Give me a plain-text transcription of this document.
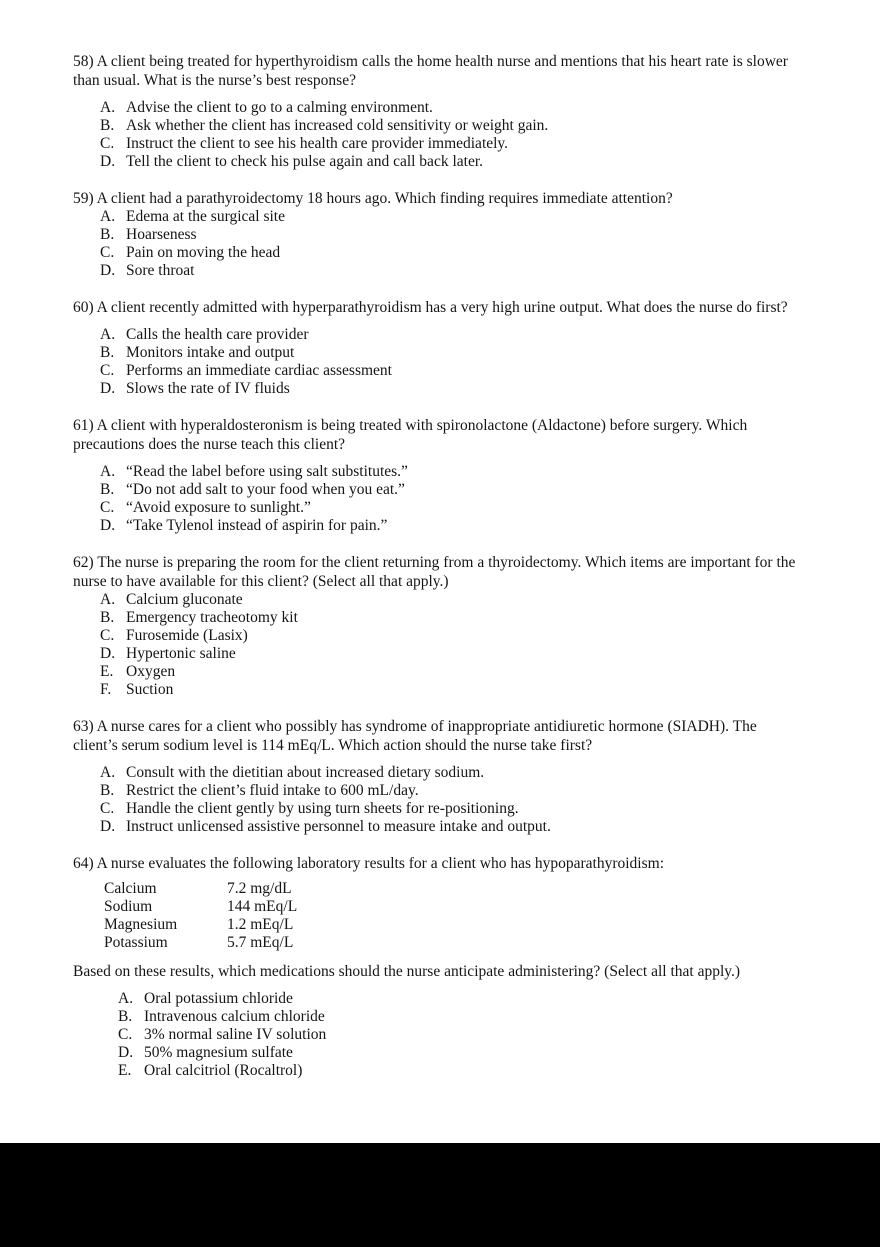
58) A client being treated for hyperthyroidism calls the home health nurse and mentions that his heart rate is slower
than usual. What is the nurse’s best response?
A. Advise the client to go to a calming environment.
B. Ask whether the client has increased cold sensitivity or weight gain.
C. Instruct the client to see his health care provider immediately.
D. Tell the client to check his pulse again and call back later.
59) A client had a parathyroidectomy 18 hours ago. Which finding requires immediate attention?
A. Edema at the surgical site
B. Hoarseness
C. Pain on moving the head
D. Sore throat
60) A client recently admitted with hyperparathyroidism has a very high urine output. What does the nurse do first?
A. Calls the health care provider
B. Monitors intake and output
C. Performs an immediate cardiac assessment
D. Slows the rate of IV fluids
61) A client with hyperaldosteronism is being treated with spironolactone (Aldactone) before surgery. Which
precautions does the nurse teach this client?
A. “Read the label before using salt substitutes.”
B. “Do not add salt to your food when you eat.”
C. “Avoid exposure to sunlight.”
D. “Take Tylenol instead of aspirin for pain.”
62) The nurse is preparing the room for the client returning from a thyroidectomy. Which items are important for the
nurse to have available for this client? (Select all that apply.)
A. Calcium gluconate
B. Emergency tracheotomy kit
C. Furosemide (Lasix)
D. Hypertonic saline
E. Oxygen
F. Suction
63) A nurse cares for a client who possibly has syndrome of inappropriate antidiuretic hormone (SIADH). The
client’s serum sodium level is 114 mEq/L. Which action should the nurse take first?
A. Consult with the dietitian about increased dietary sodium.
B. Restrict the client’s fluid intake to 600 mL/day.
C. Handle the client gently by using turn sheets for re-positioning.
D. Instruct unlicensed assistive personnel to measure intake and output.
64) A nurse evaluates the following laboratory results for a client who has hypoparathyroidism:
Calcium	7.2 mg/dL
Sodium	144 mEq/L
Magnesium	1.2 mEq/L
Potassium	5.7 mEq/L
Based on these results, which medications should the nurse anticipate administering? (Select all that apply.)
A. Oral potassium chloride
B. Intravenous calcium chloride
C. 3% normal saline IV solution
D. 50% magnesium sulfate
E. Oral calcitriol (Rocaltrol)
